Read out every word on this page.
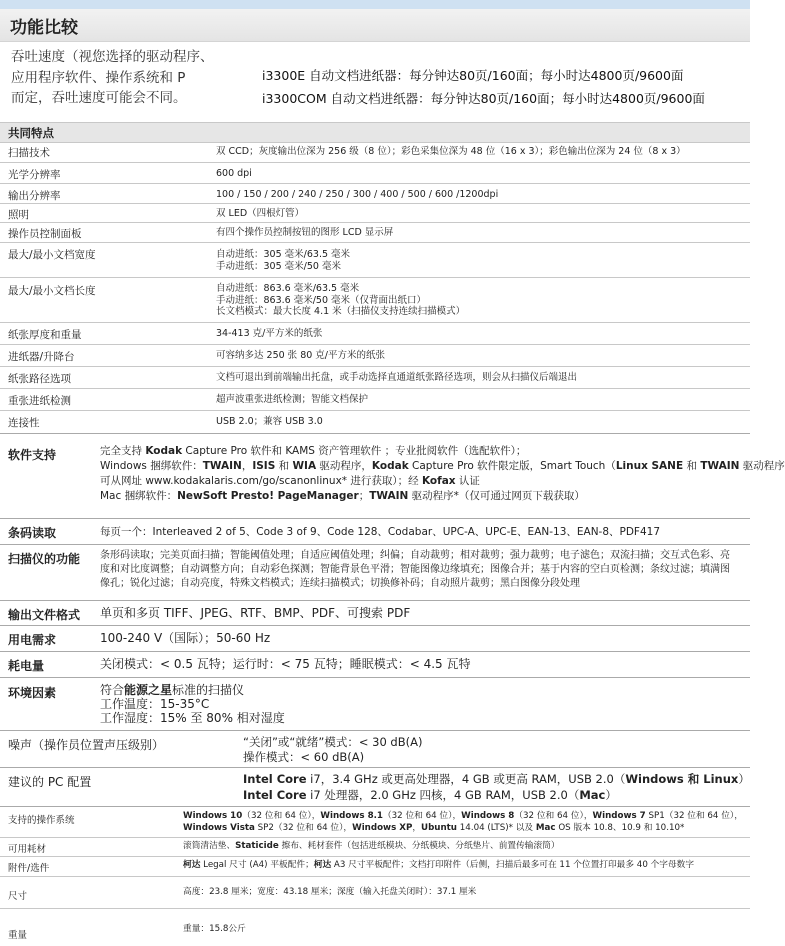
功能比较
吞吐速度（视您选择的驱动程序、
应用程序软件、操作系统和 P
而定，吞吐速度可能会不同。
i3300E 自动文档进纸器：每分钟达80页/160面；每小时达4800页/9600面
i3300COM 自动文档进纸器：每分钟达80页/160面；每小时达4800页/9600面
共同特点
扫描技术	双 CCD；灰度输出位深为 256 级（8 位）；彩色采集位深为 48 位（16 x 3）；彩色输出位深为 24 位（8 x 3）
光学分辨率	600 dpi
输出分辨率	100 / 150 / 200 / 240 / 250 / 300 / 400 / 500 / 600 /1200dpi
照明	双 LED（四根灯管）
操作员控制面板	有四个操作员控制按钮的图形 LCD 显示屏
最大/最小文档宽度	自动进纸：305 毫米/63.5 毫米
手动进纸：305 毫米/50 毫米
最大/最小文档长度	自动进纸：863.6 毫米/63.5 毫米
手动进纸：863.6 毫米/50 毫米（仅背面出纸口）
长文档模式：最大长度 4.1 米（扫描仪支持连续扫描模式）
纸张厚度和重量	34-413 克/平方米的纸张
进纸器/升降台	可容纳多达 250 张 80 克/平方米的纸张
纸张路径选项	文档可退出到前端输出托盘，或手动选择直通道纸张路径选项，则会从扫描仪后端退出
重张进纸检测	超声波重张进纸检测；智能文档保护
连接性	USB 2.0；兼容 USB 3.0
软件支持	完全支持 Kodak Capture Pro 软件和 KAMS 资产管理软件 ；专业批阅软件（选配软件）；
Windows 捆绑软件：TWAIN，ISIS 和 WIA 驱动程序，Kodak Capture Pro 软件限定版，Smart Touch（Linux SANE 和 TWAIN 驱动程序
可从网址 www.kodakalaris.com/go/scanonlinux* 进行获取）；经 Kofax 认证
Mac 捆绑软件：NewSoft Presto! PageManager；TWAIN 驱动程序*（仅可通过网页下载获取）
条码读取	每页一个：Interleaved 2 of 5、Code 3 of 9、Code 128、Codabar、UPC-A、UPC-E、EAN-13、EAN-8、PDF417
扫描仪的功能 条形码读取；完美页面扫描；智能阈值处理；自适应阈值处理；纠偏；自动裁剪；相对裁剪；强力裁剪；电子滤色；双流扫描；交互式色彩、亮度和对比度调整；自动调整方向；自动彩色探测；智能背景色平滑；智能图像边缘填充；图像合并；基于内容的空白页检测；条纹过滤；填满图像孔；锐化过滤；自动亮度，特殊文档模式；连续扫描模式；切换修补码；自动照片裁剪；黑白图像分段处理
输出文件格式 单页和多页 TIFF、JPEG、RTF、BMP、PDF、可搜索 PDF
用电需求	100-240 V（国际）；50-60 Hz
耗电量	关闭模式：< 0.5 瓦特；运行时：< 75 瓦特；睡眠模式：< 4.5 瓦特
环境因素	符合能源之星标准的扫描仪
工作温度：15-35°C
工作湿度：15% 至 80% 相对湿度
噪声（操作员位置声压级别）	“关闭”或“就绪”模式：< 30 dB(A)
操作模式：< 60 dB(A)
建议的 PC 配置	Intel Core i7，3.4 GHz 或更高处理器，4 GB 或更高 RAM，USB 2.0（Windows 和 Linux）
Intel Core i7 处理器，2.0 GHz 四核，4 GB RAM，USB 2.0（Mac）
支持的操作系统	Windows 10（32 位和 64 位），Windows 8.1（32 位和 64 位），Windows 8（32 位和 64 位），Windows 7 SP1（32 位和 64 位），
Windows Vista SP2（32 位和 64 位），Windows XP，Ubuntu 14.04 (LTS)* 以及 Mac OS 版本 10.8、10.9 和 10.10*
可用耗材	滚筒清洁垫、Staticide 擦布、耗材套件（包括进纸模块、分纸模块、分纸垫片、前置传输滚筒）
附件/选件	柯达 Legal 尺寸 (A4) 平板配件；柯达 A3 尺寸平板配件；文档打印附件（后侧，扫描后最多可在 11 个位置打印最多 40 个字母数字
尺寸	高度：23.8 厘米；宽度：43.18 厘米；深度（输入托盘关闭时）：37.1 厘米
重量
重量：15.8公斤
